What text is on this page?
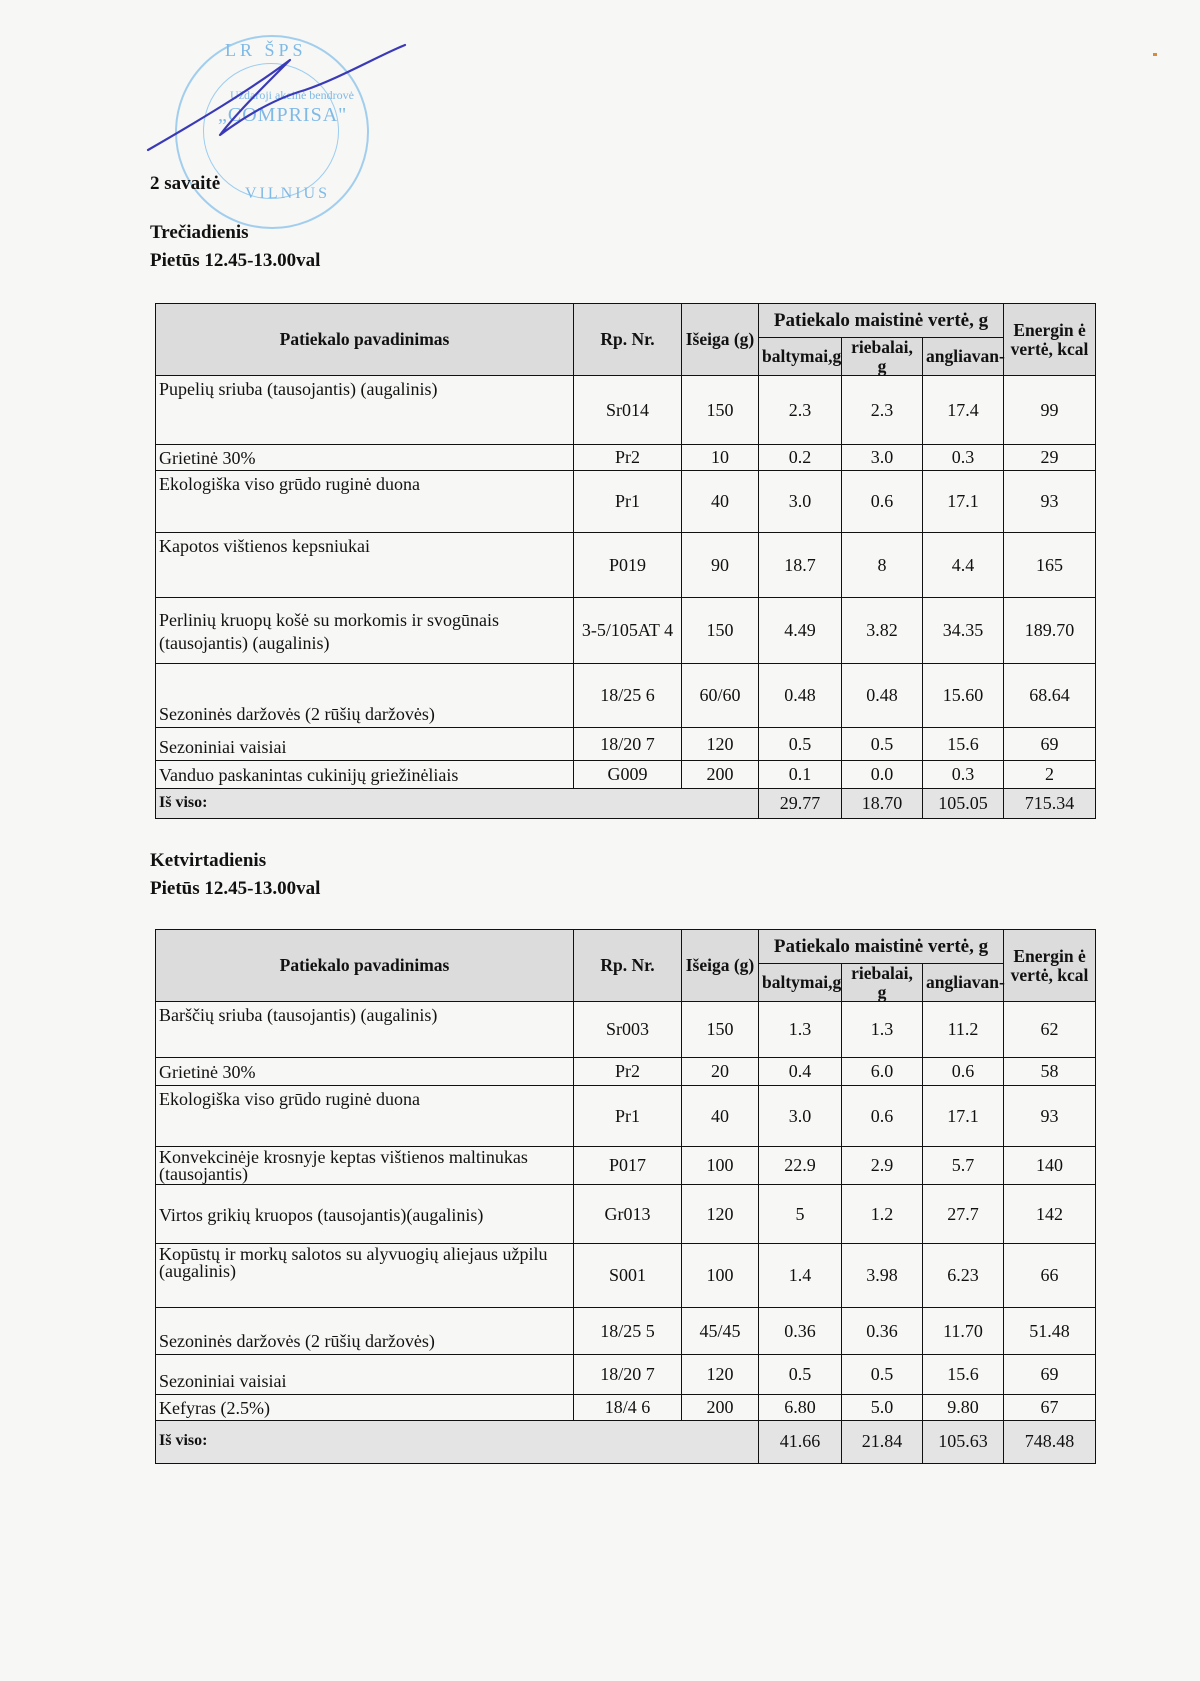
LR ŠPS
Uždaroji akcinė bendrovė
„COMPRISA"
VILNIUS
2 savaitė
Trečiadienis
Pietūs 12.45-13.00val
Patiekalo pavadinimas	Rp. Nr.	Išeiga (g)	Patiekalo maistinė vertė, g			Energin ė vertė, kcal
			baltymai,g	riebalai, g	angliavan-	
Pupelių sriuba (tausojantis) (augalinis)	Sr014	150	2.3	2.3	17.4	99
Grietinė 30%	Pr2	10	0.2	3.0	0.3	29
Ekologiška viso grūdo ruginė duona	Pr1	40	3.0	0.6	17.1	93
Kapotos vištienos kepsniukai	P019	90	18.7	8	4.4	165
Perlinių kruopų košė su morkomis ir svogūnais (tausojantis) (augalinis)	3-5/105AT 4	150	4.49	3.82	34.35	189.70
Sezoninės daržovės (2 rūšių daržovės)	18/25 6	60/60	0.48	0.48	15.60	68.64
Sezoniniai vaisiai	18/20 7	120	0.5	0.5	15.6	69
Vanduo paskanintas cukinijų griežinėliais	G009	200	0.1	0.0	0.3	2
Iš viso:			29.77	18.70	105.05	715.34
Ketvirtadienis
Pietūs 12.45-13.00val
Patiekalo pavadinimas	Rp. Nr.	Išeiga (g)	Patiekalo maistinė vertė, g			Energin ė vertė, kcal
			baltymai,g	riebalai, g	angliavan-	
Barščių sriuba (tausojantis) (augalinis)	Sr003	150	1.3	1.3	11.2	62
Grietinė 30%	Pr2	20	0.4	6.0	0.6	58
Ekologiška viso grūdo ruginė duona	Pr1	40	3.0	0.6	17.1	93
Konvekcinėje krosnyje keptas vištienos maltinukas (tausojantis)	P017	100	22.9	2.9	5.7	140
Virtos grikių kruopos (tausojantis)(augalinis)	Gr013	120	5	1.2	27.7	142
Kopūstų ir morkų salotos su alyvuogių aliejaus užpilu (augalinis)	S001	100	1.4	3.98	6.23	66
Sezoninės daržovės (2 rūšių daržovės)	18/25 5	45/45	0.36	0.36	11.70	51.48
Sezoniniai vaisiai	18/20 7	120	0.5	0.5	15.6	69
Kefyras (2.5%)	18/4 6	200	6.80	5.0	9.80	67
Iš viso:			41.66	21.84	105.63	748.48
